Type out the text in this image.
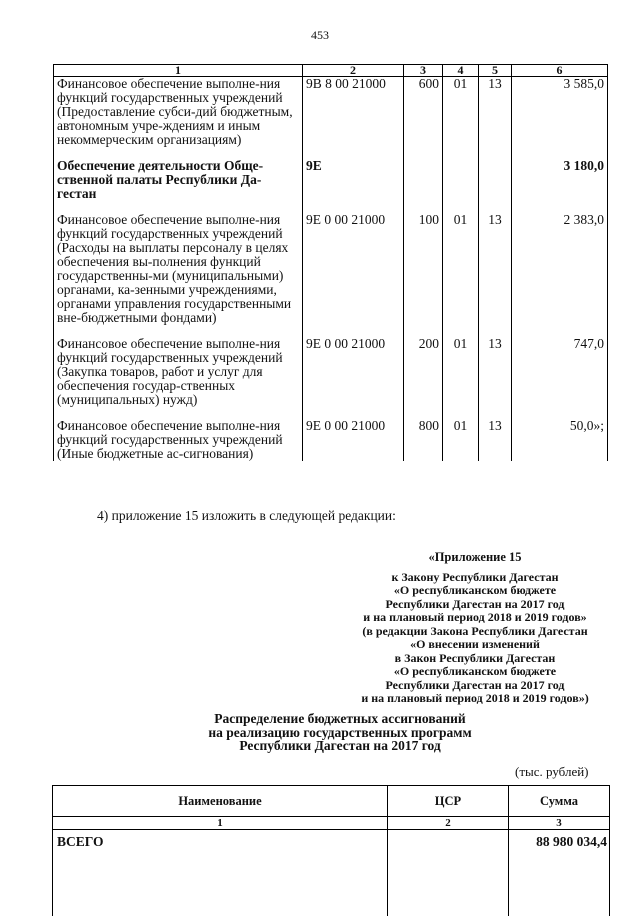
453
1	2	3	4	5	6
Финансовое обеспечение выполне-ния функций государственных учреждений (Предоставление субси-дий бюджетным, автономным учре-ждениям и иным некоммерческим организациям)	9В 8 00 21000	600	01	13	3 585,0
Обеспечение деятельности Обще-ственной палаты Республики Да-гестан	9Е				3 180,0
Финансовое обеспечение выполне-ния функций государственных учреждений (Расходы на выплаты персоналу в целях обеспечения вы-полнения функций государственны-ми (муниципальными) органами, ка-зенными учреждениями, органами управления государственными вне-бюджетными фондами)	9Е 0 00 21000	100	01	13	2 383,0
Финансовое обеспечение выполне-ния функций государственных учреждений (Закупка товаров, работ и услуг для обеспечения государ-ственных (муниципальных) нужд)	9Е 0 00 21000	200	01	13	747,0
Финансовое обеспечение выполне-ния функций государственных учреждений (Иные бюджетные ас-сигнования)	9Е 0 00 21000	800	01	13	50,0»;
4) приложение 15 изложить в следующей редакции:
«Приложение 15
к Закону Республики Дагестан
«О республиканском бюджете
Республики Дагестан на 2017 год
и на плановый период 2018 и 2019 годов»
(в редакции Закона Республики Дагестан
«О внесении изменений
в Закон Республики Дагестан
«О республиканском бюджете
Республики Дагестан на 2017 год
и на плановый период 2018 и 2019 годов»)
Распределение бюджетных ассигнований
на реализацию государственных программ
Республики Дагестан на 2017 год
(тыс. рублей)
Наименование	ЦСР	Сумма
1	2	3
ВСЕГО		88 980 034,4
